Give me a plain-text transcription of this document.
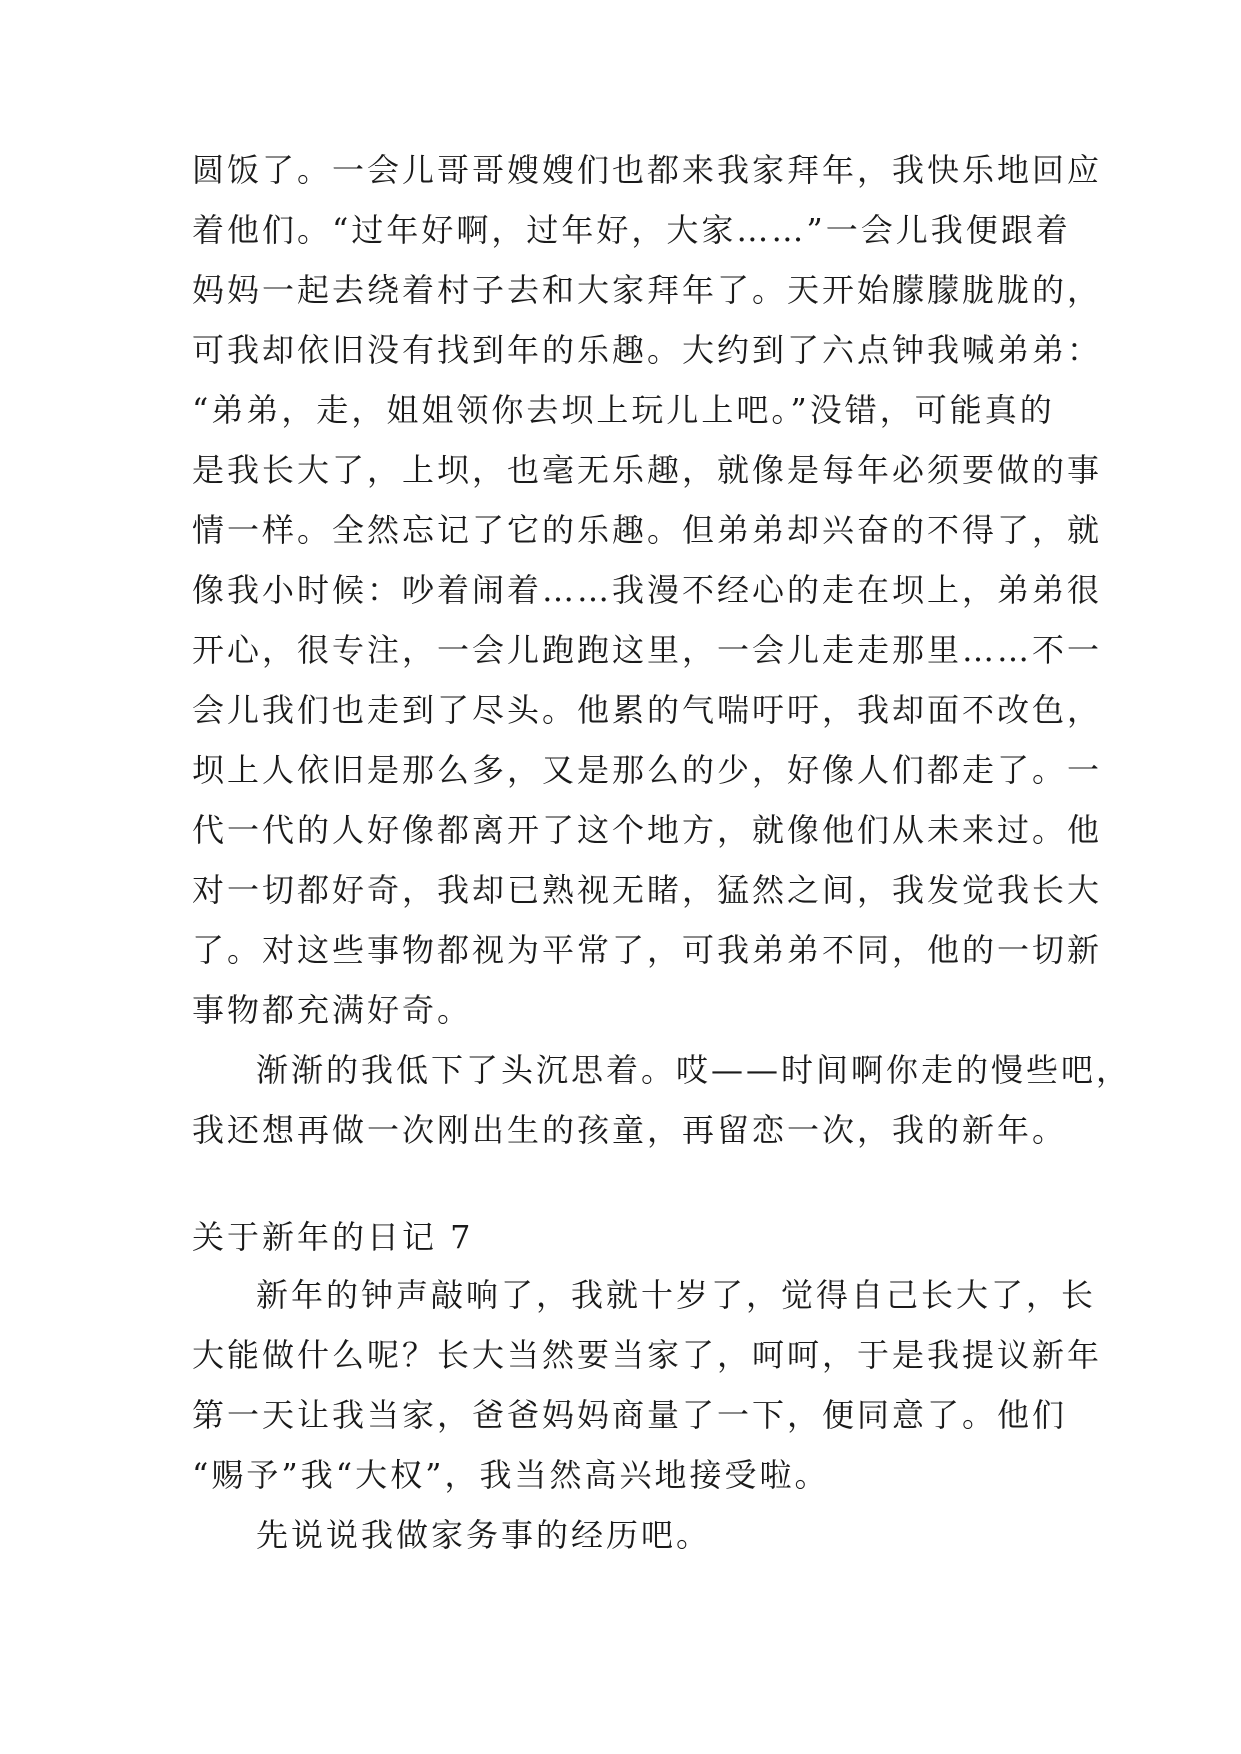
圆饭了。一会儿哥哥嫂嫂们也都来我家拜年，我快乐地回应
着他们。“过年好啊，过年好，大家……”一会儿我便跟着
妈妈一起去绕着村子去和大家拜年了。天开始朦朦胧胧的，
可我却依旧没有找到年的乐趣。大约到了六点钟我喊弟弟：
“弟弟，走，姐姐领你去坝上玩儿上吧。”没错，可能真的
是我长大了，上坝，也毫无乐趣，就像是每年必须要做的事
情一样。全然忘记了它的乐趣。但弟弟却兴奋的不得了，就
像我小时候：吵着闹着……我漫不经心的走在坝上，弟弟很
开心，很专注，一会儿跑跑这里，一会儿走走那里……不一
会儿我们也走到了尽头。他累的气喘吁吁，我却面不改色，
坝上人依旧是那么多，又是那么的少，好像人们都走了。一
代一代的人好像都离开了这个地方，就像他们从未来过。他
对一切都好奇，我却已熟视无睹，猛然之间，我发觉我长大
了。对这些事物都视为平常了，可我弟弟不同，他的一切新
事物都充满好奇。
渐渐的我低下了头沉思着。哎——时间啊你走的慢些吧，
我还想再做一次刚出生的孩童，再留恋一次，我的新年。
关于新年的日记 7
新年的钟声敲响了，我就十岁了，觉得自己长大了，长
大能做什么呢？长大当然要当家了，呵呵，于是我提议新年
第一天让我当家，爸爸妈妈商量了一下，便同意了。他们
“赐予”我“大权”，我当然高兴地接受啦。
先说说我做家务事的经历吧。
